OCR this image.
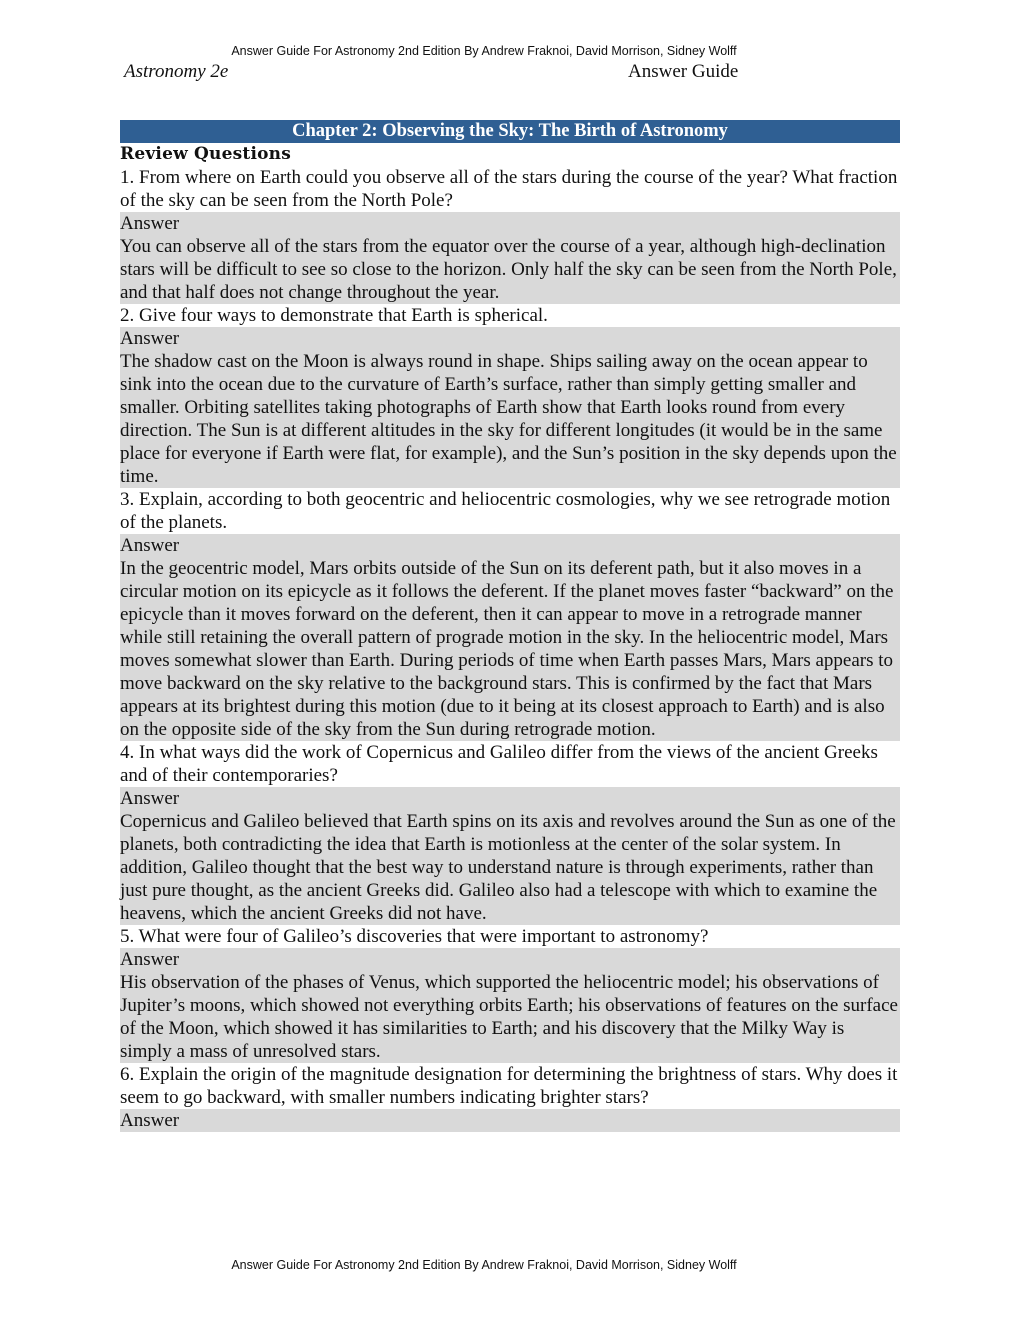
Answer Guide For Astronomy 2nd Edition By Andrew Fraknoi, David Morrison, Sidney Wolff
Astronomy 2e	Answer Guide
Chapter 2: Observing the Sky: The Birth of Astronomy
Review Questions
1. From where on Earth could you observe all of the stars during the course of the year? What fraction of the sky can be seen from the North Pole?
Answer
You can observe all of the stars from the equator over the course of a year, although high-declination stars will be difficult to see so close to the horizon. Only half the sky can be seen from the North Pole, and that half does not change throughout the year.
2. Give four ways to demonstrate that Earth is spherical.
Answer
The shadow cast on the Moon is always round in shape. Ships sailing away on the ocean appear to sink into the ocean due to the curvature of Earth’s surface, rather than simply getting smaller and smaller. Orbiting satellites taking photographs of Earth show that Earth looks round from every direction. The Sun is at different altitudes in the sky for different longitudes (it would be in the same place for everyone if Earth were flat, for example), and the Sun’s position in the sky depends upon the time.
3. Explain, according to both geocentric and heliocentric cosmologies, why we see retrograde motion of the planets.
Answer
In the geocentric model, Mars orbits outside of the Sun on its deferent path, but it also moves in a circular motion on its epicycle as it follows the deferent. If the planet moves faster “backward” on the epicycle than it moves forward on the deferent, then it can appear to move in a retrograde manner while still retaining the overall pattern of prograde motion in the sky. In the heliocentric model, Mars moves somewhat slower than Earth. During periods of time when Earth passes Mars, Mars appears to move backward on the sky relative to the background stars. This is confirmed by the fact that Mars appears at its brightest during this motion (due to it being at its closest approach to Earth) and is also on the opposite side of the sky from the Sun during retrograde motion.
4. In what ways did the work of Copernicus and Galileo differ from the views of the ancient Greeks and of their contemporaries?
Answer
Copernicus and Galileo believed that Earth spins on its axis and revolves around the Sun as one of the planets, both contradicting the idea that Earth is motionless at the center of the solar system. In addition, Galileo thought that the best way to understand nature is through experiments, rather than just pure thought, as the ancient Greeks did. Galileo also had a telescope with which to examine the heavens, which the ancient Greeks did not have.
5. What were four of Galileo’s discoveries that were important to astronomy?
Answer
His observation of the phases of Venus, which supported the heliocentric model; his observations of Jupiter’s moons, which showed not everything orbits Earth; his observations of features on the surface of the Moon, which showed it has similarities to Earth; and his discovery that the Milky Way is simply a mass of unresolved stars.
6. Explain the origin of the magnitude designation for determining the brightness of stars. Why does it seem to go backward, with smaller numbers indicating brighter stars?
Answer
Answer Guide For Astronomy 2nd Edition By Andrew Fraknoi, David Morrison, Sidney Wolff
